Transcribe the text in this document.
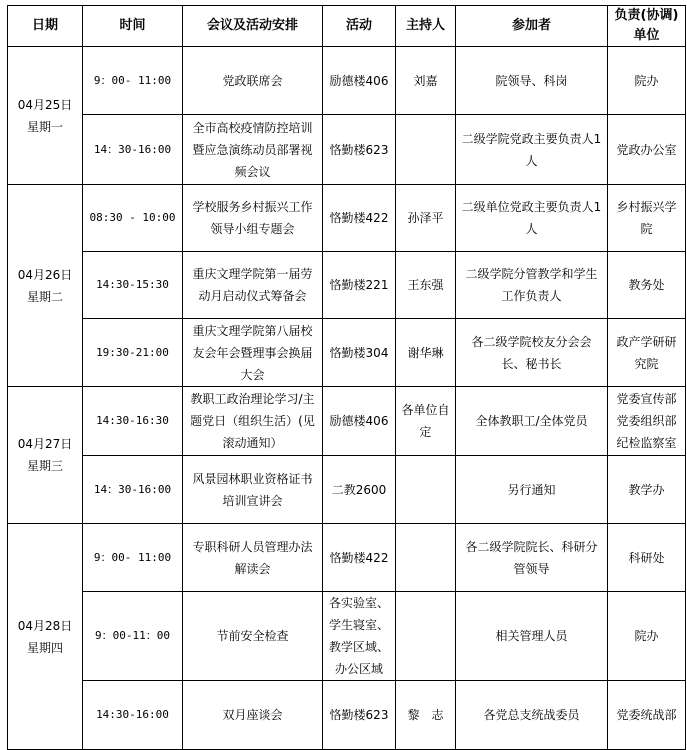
日期	时间	会议及活动安排	活动	主持人	参加者	负责(协调)单位

04月25日
星期一	9：00- 11:00	党政联席会	励德楼406	刘嘉	院领导、科岗	院办
	14：30-16:00	全市高校疫情防控培训暨应急演练动员部署视频会议	恪勤楼623		二级学院党政主要负责人1人	党政办公室

04月26日
星期二	08:30 - 10:00	学校服务乡村振兴工作领导小组专题会	恪勤楼422	孙泽平	二级单位党政主要负责人1人	乡村振兴学院
	14:30-15:30	重庆文理学院第一届劳动月启动仪式筹备会	恪勤楼221	王东强	二级学院分管教学和学生工作负责人	教务处
	19:30-21:00	重庆文理学院第八届校友会年会暨理事会换届大会	恪勤楼304	谢华琳	各二级学院校友分会会长、秘书长	政产学研研究院

04月27日
星期三	14:30-16:30	教职工政治理论学习/主题党日（组织生活）(见滚动通知）	励德楼406	各单位自定	全体教职工/全体党员	党委宣传部 党委组织部 纪检监察室
	14：30-16:00	风景园林职业资格证书培训宣讲会	二教2600		另行通知	教学办

04月28日
星期四	9：00- 11:00	专职科研人员管理办法解读会	恪勤楼422		各二级学院院长、科研分管领导	科研处
	9：00-11：00	节前安全检查	各实验室、学生寝室、教学区域、办公区域		相关管理人员	院办
	14:30-16:00	双月座谈会	恪勤楼623	黎　志	各党总支统战委员	党委统战部
